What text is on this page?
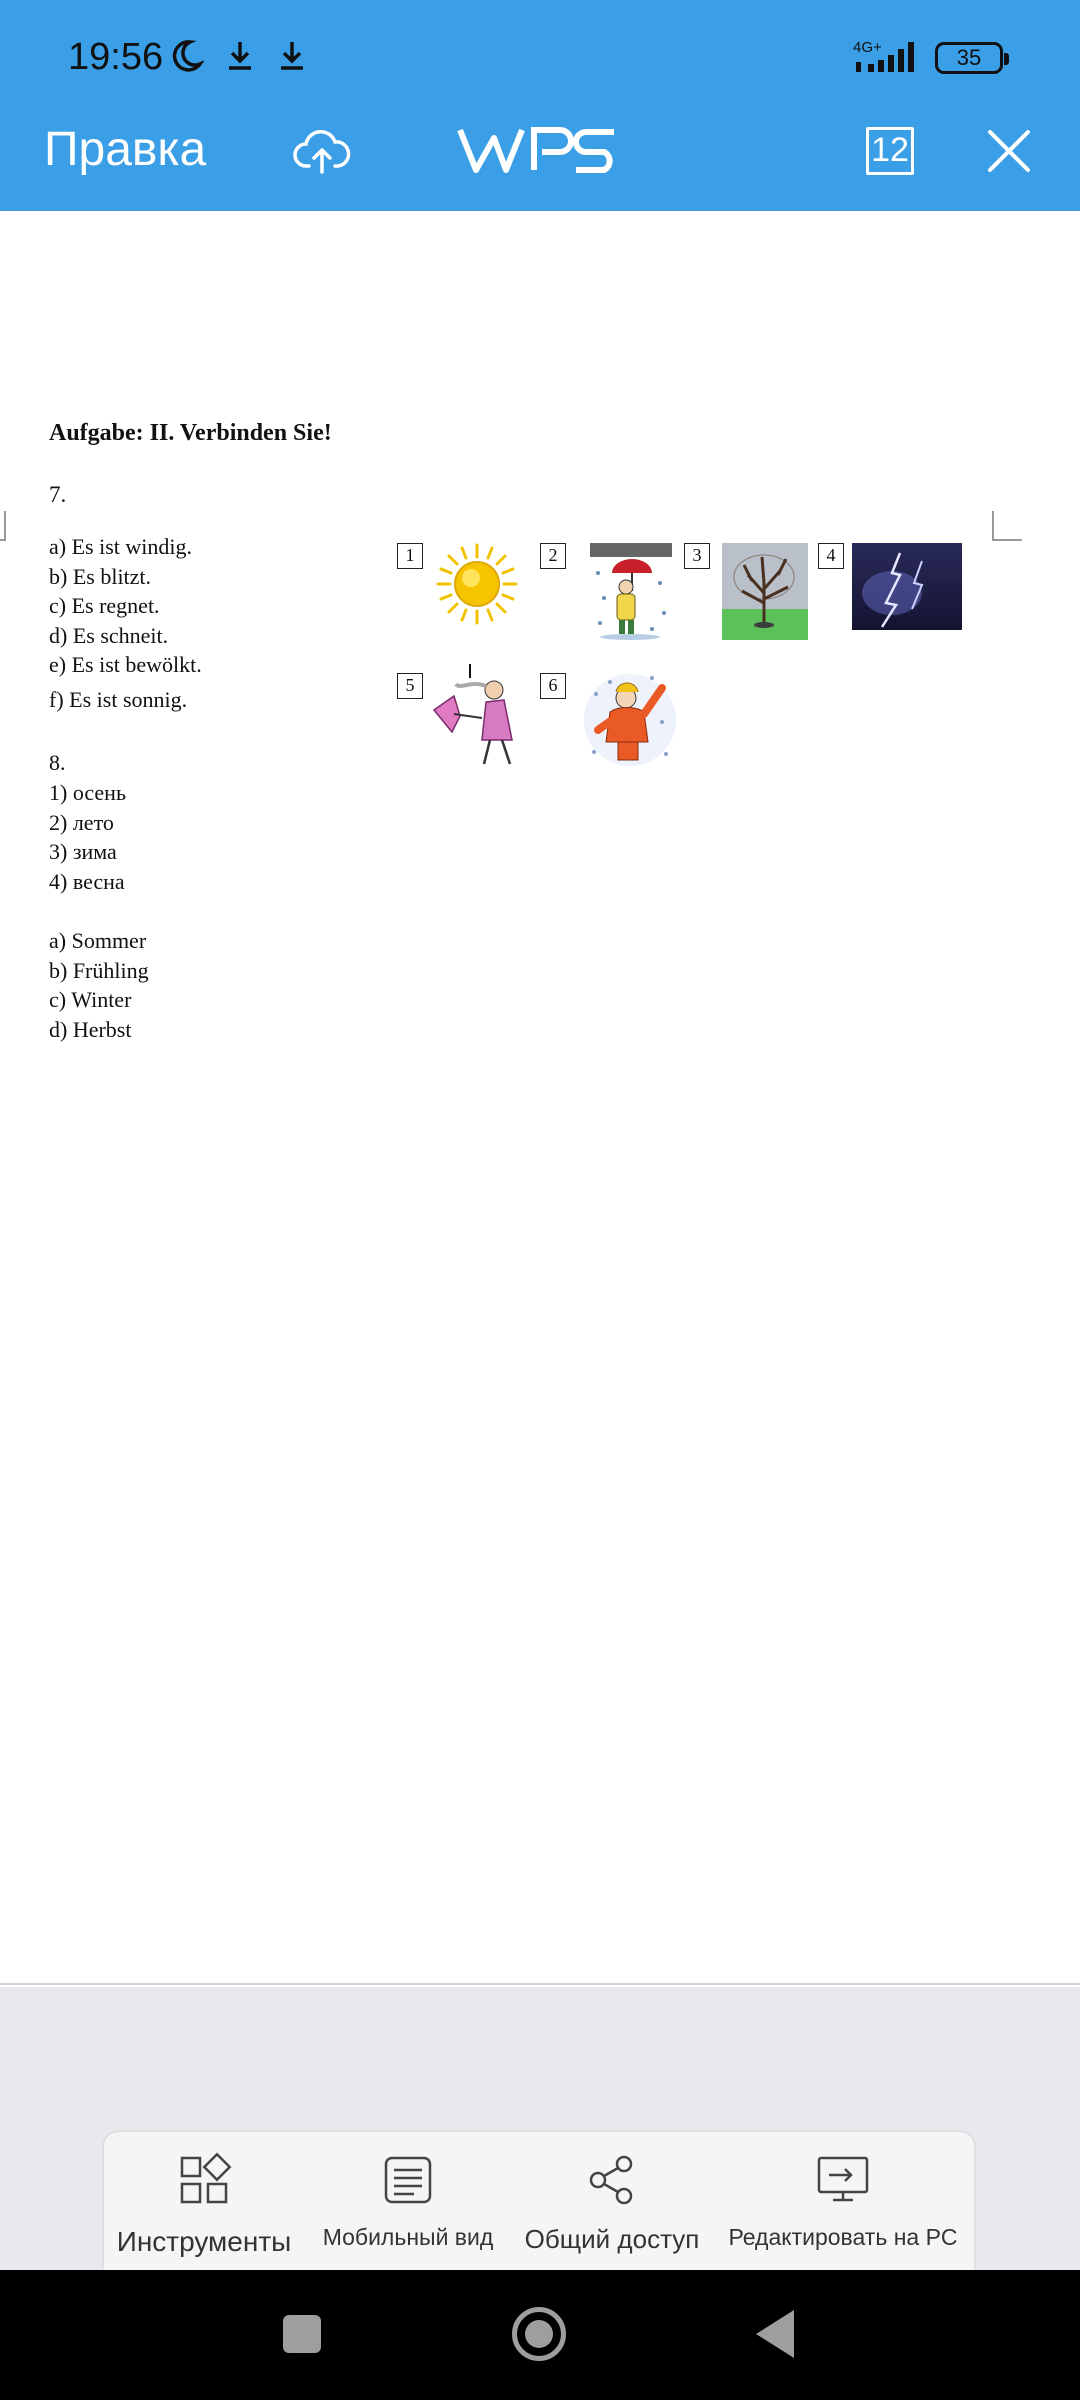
19:56	4G+	35
Правка	12
Aufgabe: II. Verbinden Sie!
7.
a) Es ist windig.
b) Es blitzt.
c) Es regnet.
d) Es schneit.
e) Es ist bewölkt.
f) Es ist sonnig.
8.
1) осень
2) лето
3) зима
4) весна
a) Sommer
b) Frühling
c) Winter
d) Herbst
1	2	3	4
5	6
Инструменты	Мобильный вид	Общий доступ	Редактировать на PC
